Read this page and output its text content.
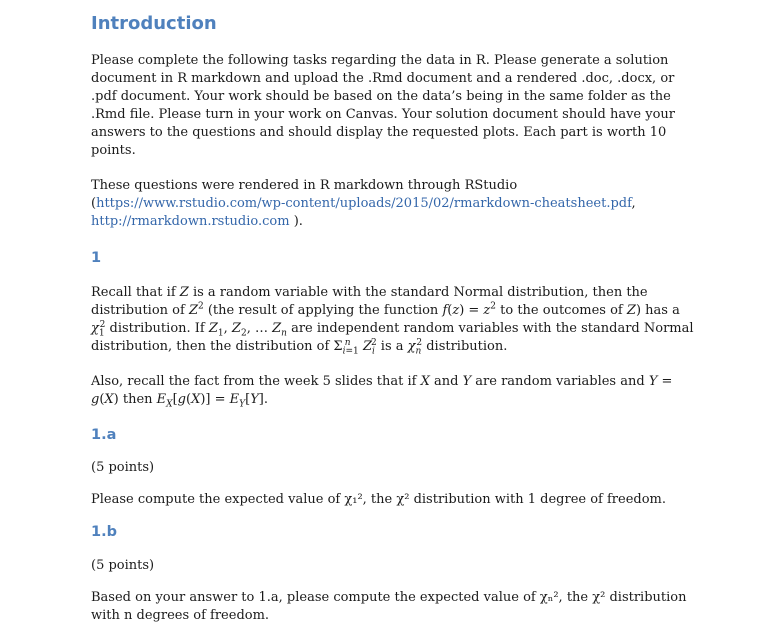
Introduction
Please complete the following tasks regarding the data in R. Please generate a solution
document in R markdown and upload the .Rmd document and a rendered .doc, .docx, or
.pdf document. Your work should be based on the data’s being in the same folder as the
.Rmd file. Please turn in your work on Canvas. Your solution document should have your
answers to the questions and should display the requested plots. Each part is worth 10
points.
These questions were rendered in R markdown through RStudio
(https://www.rstudio.com/wp-content/uploads/2015/02/rmarkdown-cheatsheet.pdf,
http://rmarkdown.rstudio.com ).
1
Recall that if Z is a random variable with the standard Normal distribution, then the
distribution of $Z^2$ (the result of applying the function $f(z) = z^2$ to the outcomes of Z) has a
$\chi_1^2$ distribution. If $Z_1$, $Z_2$, … $Z_n$ are independent random variables with the standard Normal
distribution, then the distribution of $\Sigma_{i=1}^n$ $Z_i^2$ is a $\chi_n^2$ distribution.
Also, recall the fact from the week 5 slides that if X and Y are random variables and Y =
g(X) then $E_X[g(X)] = E_Y[Y]$.
1.a
(5 points)
Please compute the expected value of χ₁², the χ² distribution with 1 degree of freedom.
1.b
(5 points)
Based on your answer to 1.a, please compute the expected value of χₙ², the χ² distribution
with n degrees of freedom.
